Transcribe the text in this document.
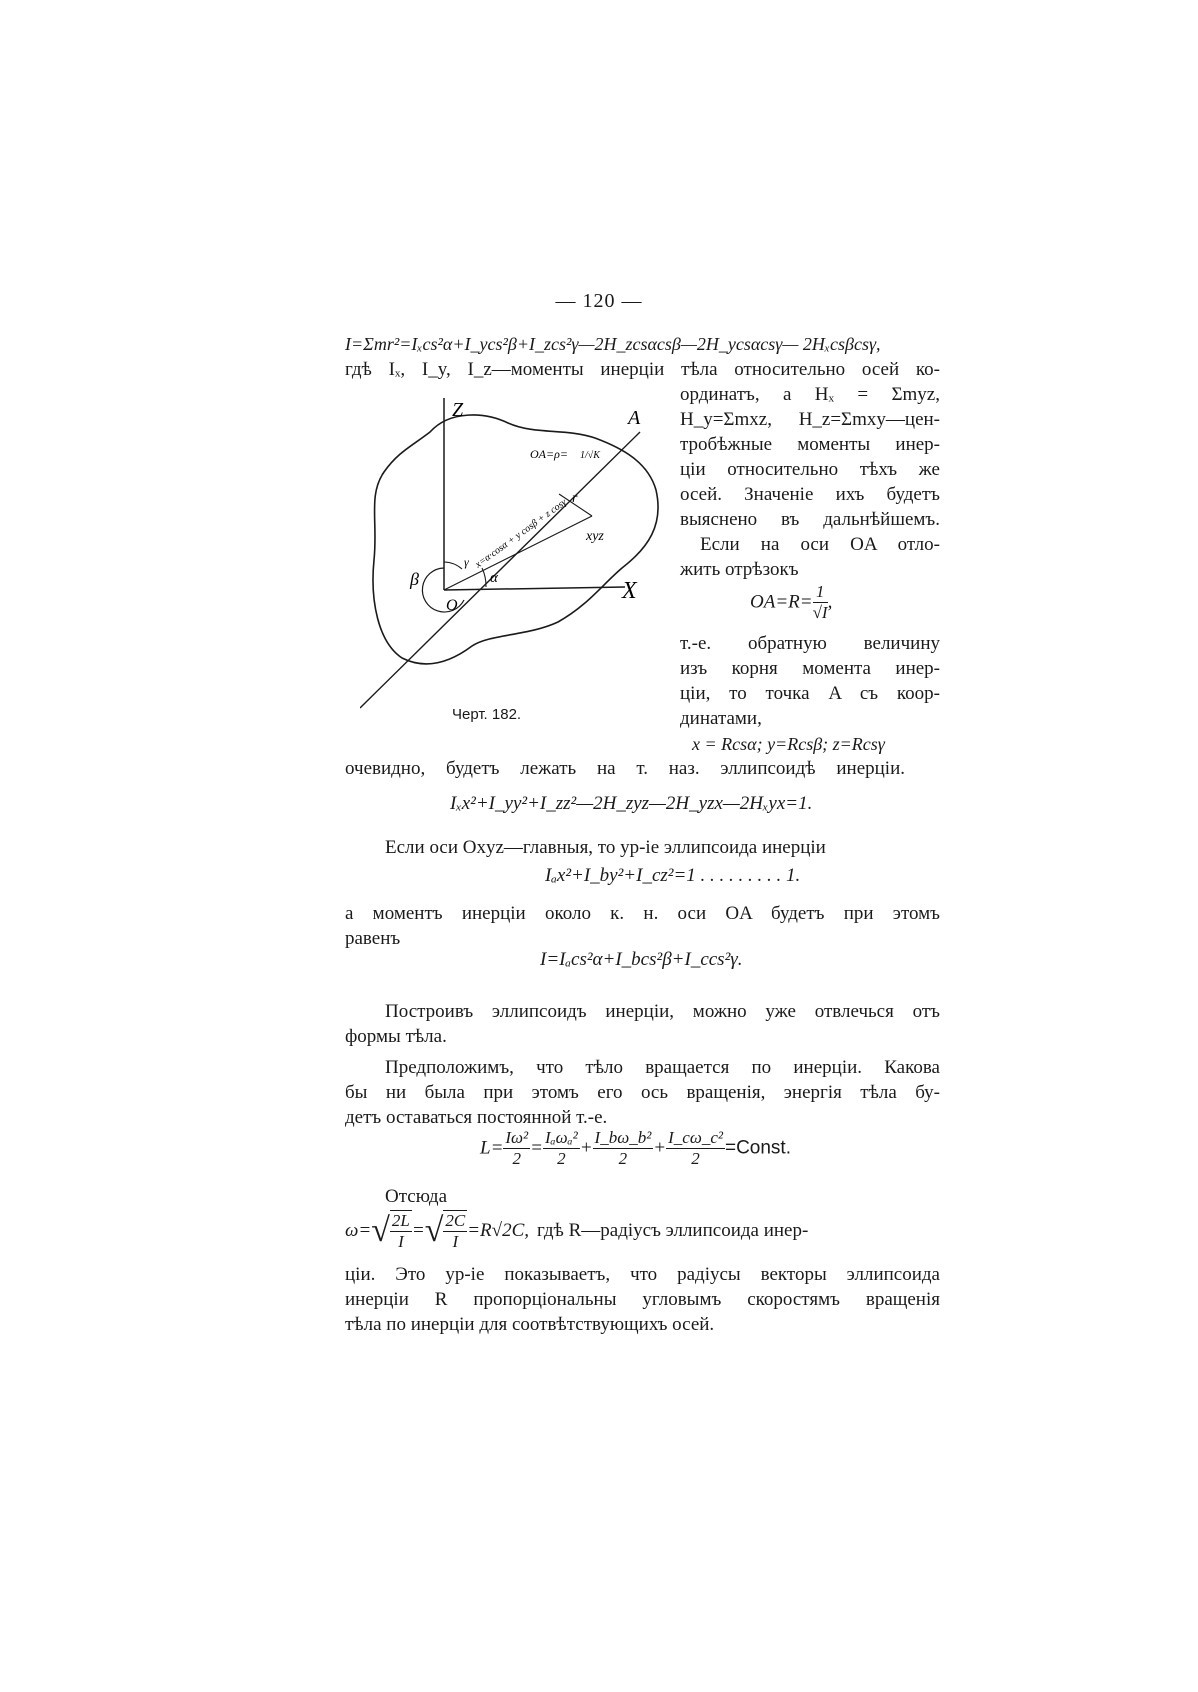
— 120 —
I=Σmr²=Iₓcs²α+I_ycs²β+I_zcs²γ—2H_zcsαcsβ—2H_ycsαcsγ— 2Hₓcsβcsγ,
гдѣ Iₓ, I_y, I_z—моменты инерціи тѣла относительно осей ко-
ординатъ, а Hₓ = Σmyz,
H_y=Σmxz, H_z=Σmxy—цен-
тробѣжные моменты инер-
ціи относительно тѣхъ же
осей. Значеніе ихъ будетъ
выяснено въ дальнѣйшемъ.
Если на оси OA отло-
жить отрѣзокъ
$OA=R= \frac{1}{√I}$ ,
т.-е. обратную величину
изъ корня момента инер-
ціи, то точка A съ коор-
динатами,
x = Rcsα; y=Rcsβ; z=Rcsγ
очевидно, будетъ лежать на т. наз. эллипсоидѣ инерціи.
Iₓx²+I_yy²+I_zz²—2H_zyz—2H_yzx—2Hₓyx=1.
Если оси Oxyz—главныя, то ур-іе эллипсоида инерціи
Iₐx²+I_by²+I_cz²=1 . . . . . . . . . 1.
а моментъ инерціи около к. н. оси OA будетъ при этомъ
равенъ
I=Iₐcs²α+I_bcs²β+I_ccs²γ.
Построивъ эллипсоидъ инерціи, можно уже отвлечься отъ
формы тѣла.
Предположимъ, что тѣло вращается по инерціи. Какова
бы ни была при этомъ его ось вращенія, энергія тѣла бу-
детъ оставаться постоянной т.-е.
$L= \frac{\text{Iω²}}{2} = \frac{\text{Iₐωₐ²}}{2} + \frac{\text{I\_bω\_b²}}{2} + \frac{\text{I\_cω\_c²}}{2}$ =Const.
Отсюда
$\omega=√ \frac{2L}{I}$ =√ $\frac{2C}{I} =R√2C$, гдѣ R—радіусъ эллипсоида инер-
ціи. Это ур-іе показываетъ, что радіусы векторы эллипсоида
инерціи R пропорціональны угловымъ скоростямъ вращенія
тѣла по инерціи для соотвѣтствующихъ осей.
Z
X
A
O
β	α
γ
r
xyz
OA=ρ= 1/√K
x=α·cosα + y cosβ + z cosγ
Черт. 182.
